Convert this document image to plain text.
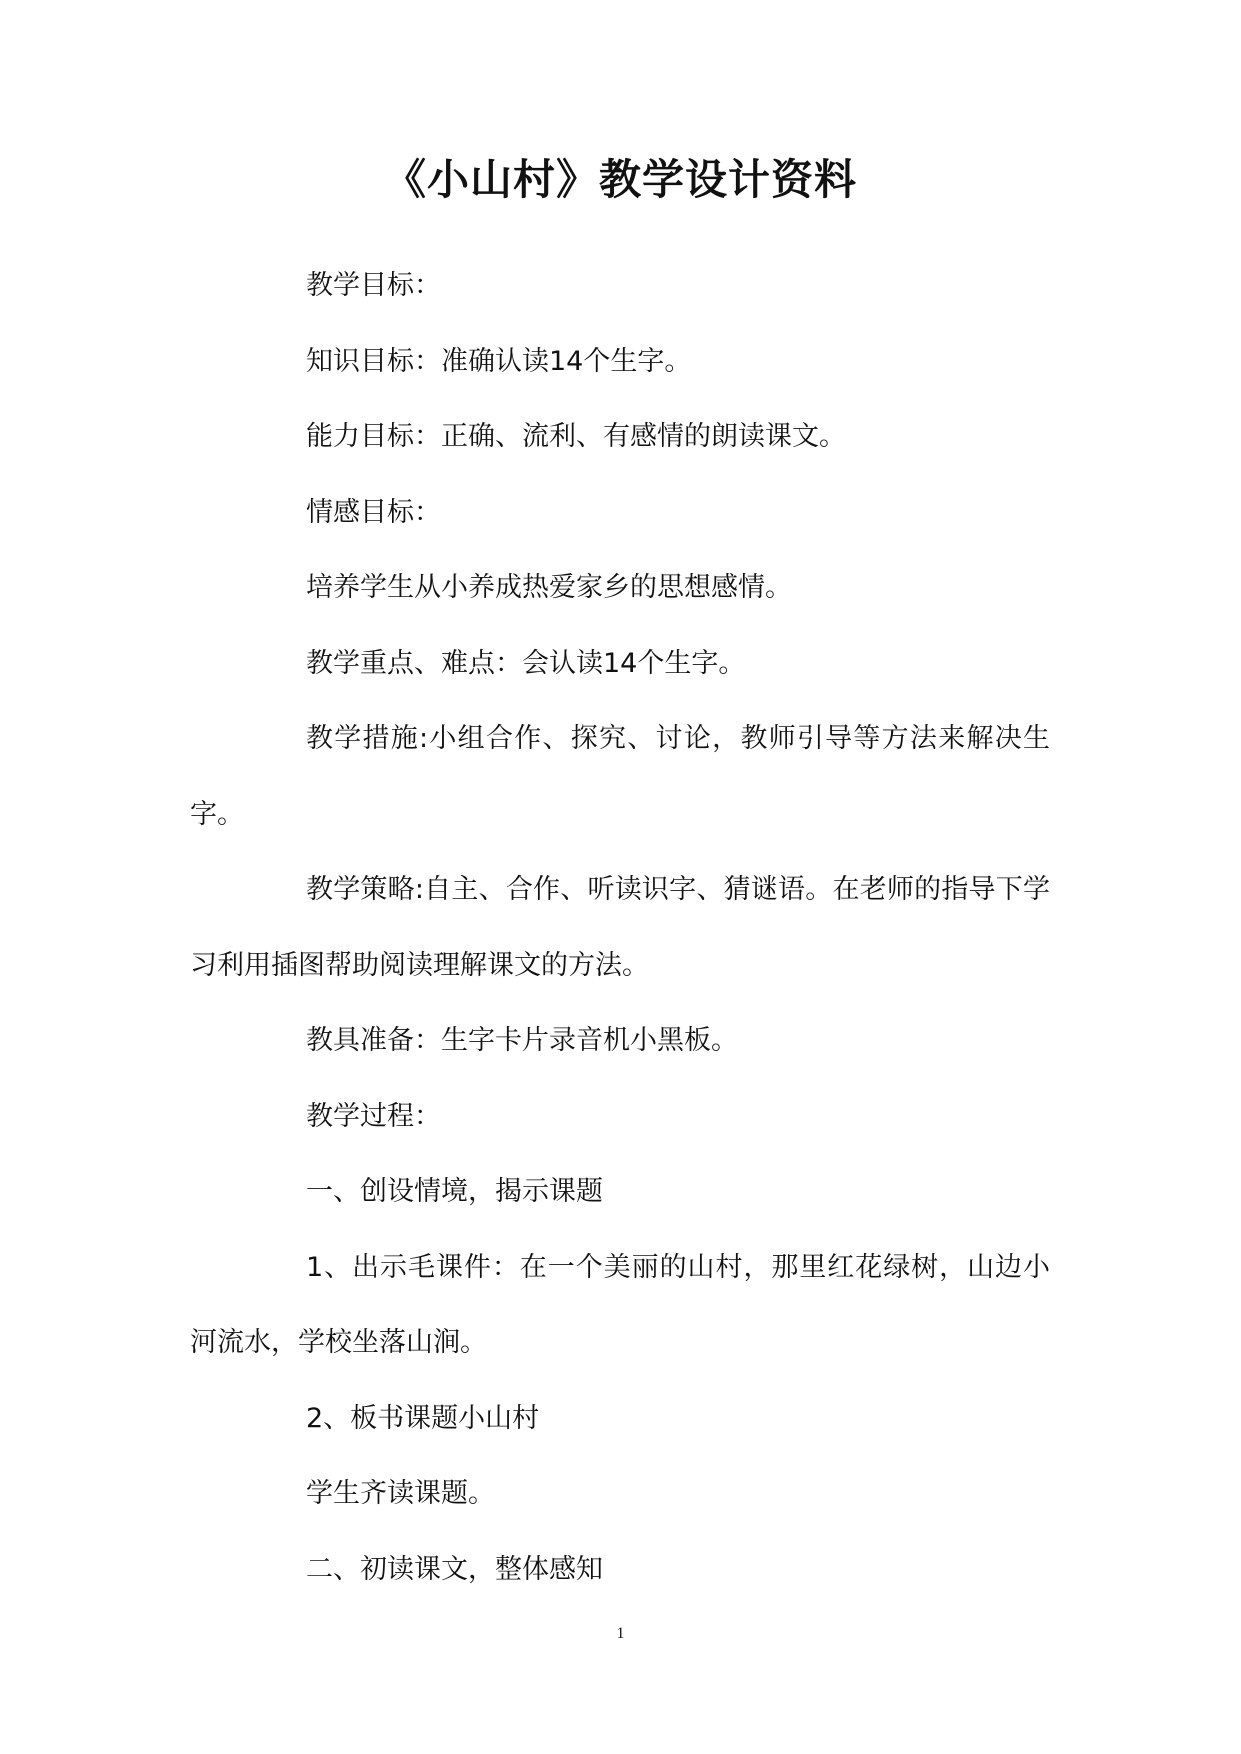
《小山村》教学设计资料

教学目标：

知识目标：准确认读14个生字。

能力目标：正确、流利、有感情的朗读课文。

情感目标：

培养学生从小养成热爱家乡的思想感情。

教学重点、难点：会认读14个生字。

教学措施:小组合作、探究、讨论，教师引导等方法来解决生字。

教学策略:自主、合作、听读识字、猜谜语。在老师的指导下学习利用插图帮助阅读理解课文的方法。

教具准备：生字卡片录音机小黑板。

教学过程：

一、创设情境，揭示课题

1、出示毛课件：在一个美丽的山村，那里红花绿树，山边小河流水，学校坐落山涧。

2、板书课题小山村

学生齐读课题。

二、初读课文，整体感知

1
